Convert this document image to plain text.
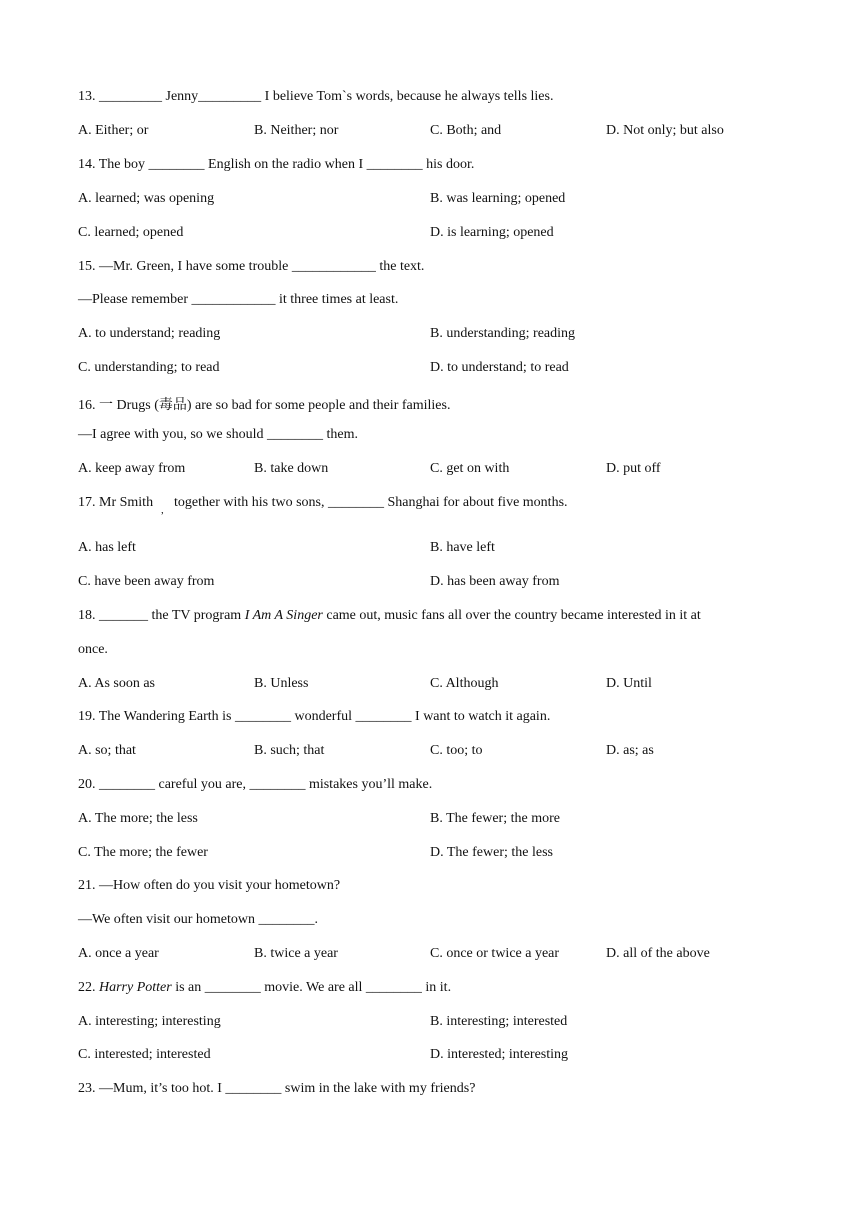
13. _________ Jenny_________ I believe Tom`s words, because he always tells lies.
A. Either; or	B. Neither; nor	C. Both; and	D. Not only; but also
14. The boy ________ English on the radio when I ________ his door.
A. learned; was opening	B. was learning; opened
C. learned; opened	D. is learning; opened
15. —Mr. Green, I have some trouble ____________ the text.
—Please remember ____________ it three times at least.
A. to understand; reading	B. understanding; reading
C. understanding; to read	D. to understand; to read
16. 一 Drugs (毒品) are so bad for some people and their families.
—I agree with you, so we should ________ them.
A. keep away from	B. take down	C. get on with	D. put off
17. Mr Smith , together with his two sons, ________ Shanghai for about five months.
A. has left	B. have left
C. have been away from	D. has been away from
18. _______ the TV program I Am A Singer came out, music fans all over the country became interested in it at
once.
A. As soon as	B. Unless	C. Although	D. Until
19. The Wandering Earth is ________ wonderful ________ I want to watch it again.
A. so; that	B. such; that	C. too; to	D. as; as
20. ________ careful you are, ________ mistakes you’ll make.
A. The more; the less	B. The fewer; the more
C. The more; the fewer	D. The fewer; the less
21. —How often do you visit your hometown?
—We often visit our hometown ________.
A. once a year	B. twice a year	C. once or twice a year	D. all of the above
22. Harry Potter is an ________ movie. We are all ________ in it.
A. interesting; interesting	B. interesting; interested
C. interested; interested	D. interested; interesting
23. —Mum, it’s too hot. I ________ swim in the lake with my friends?
